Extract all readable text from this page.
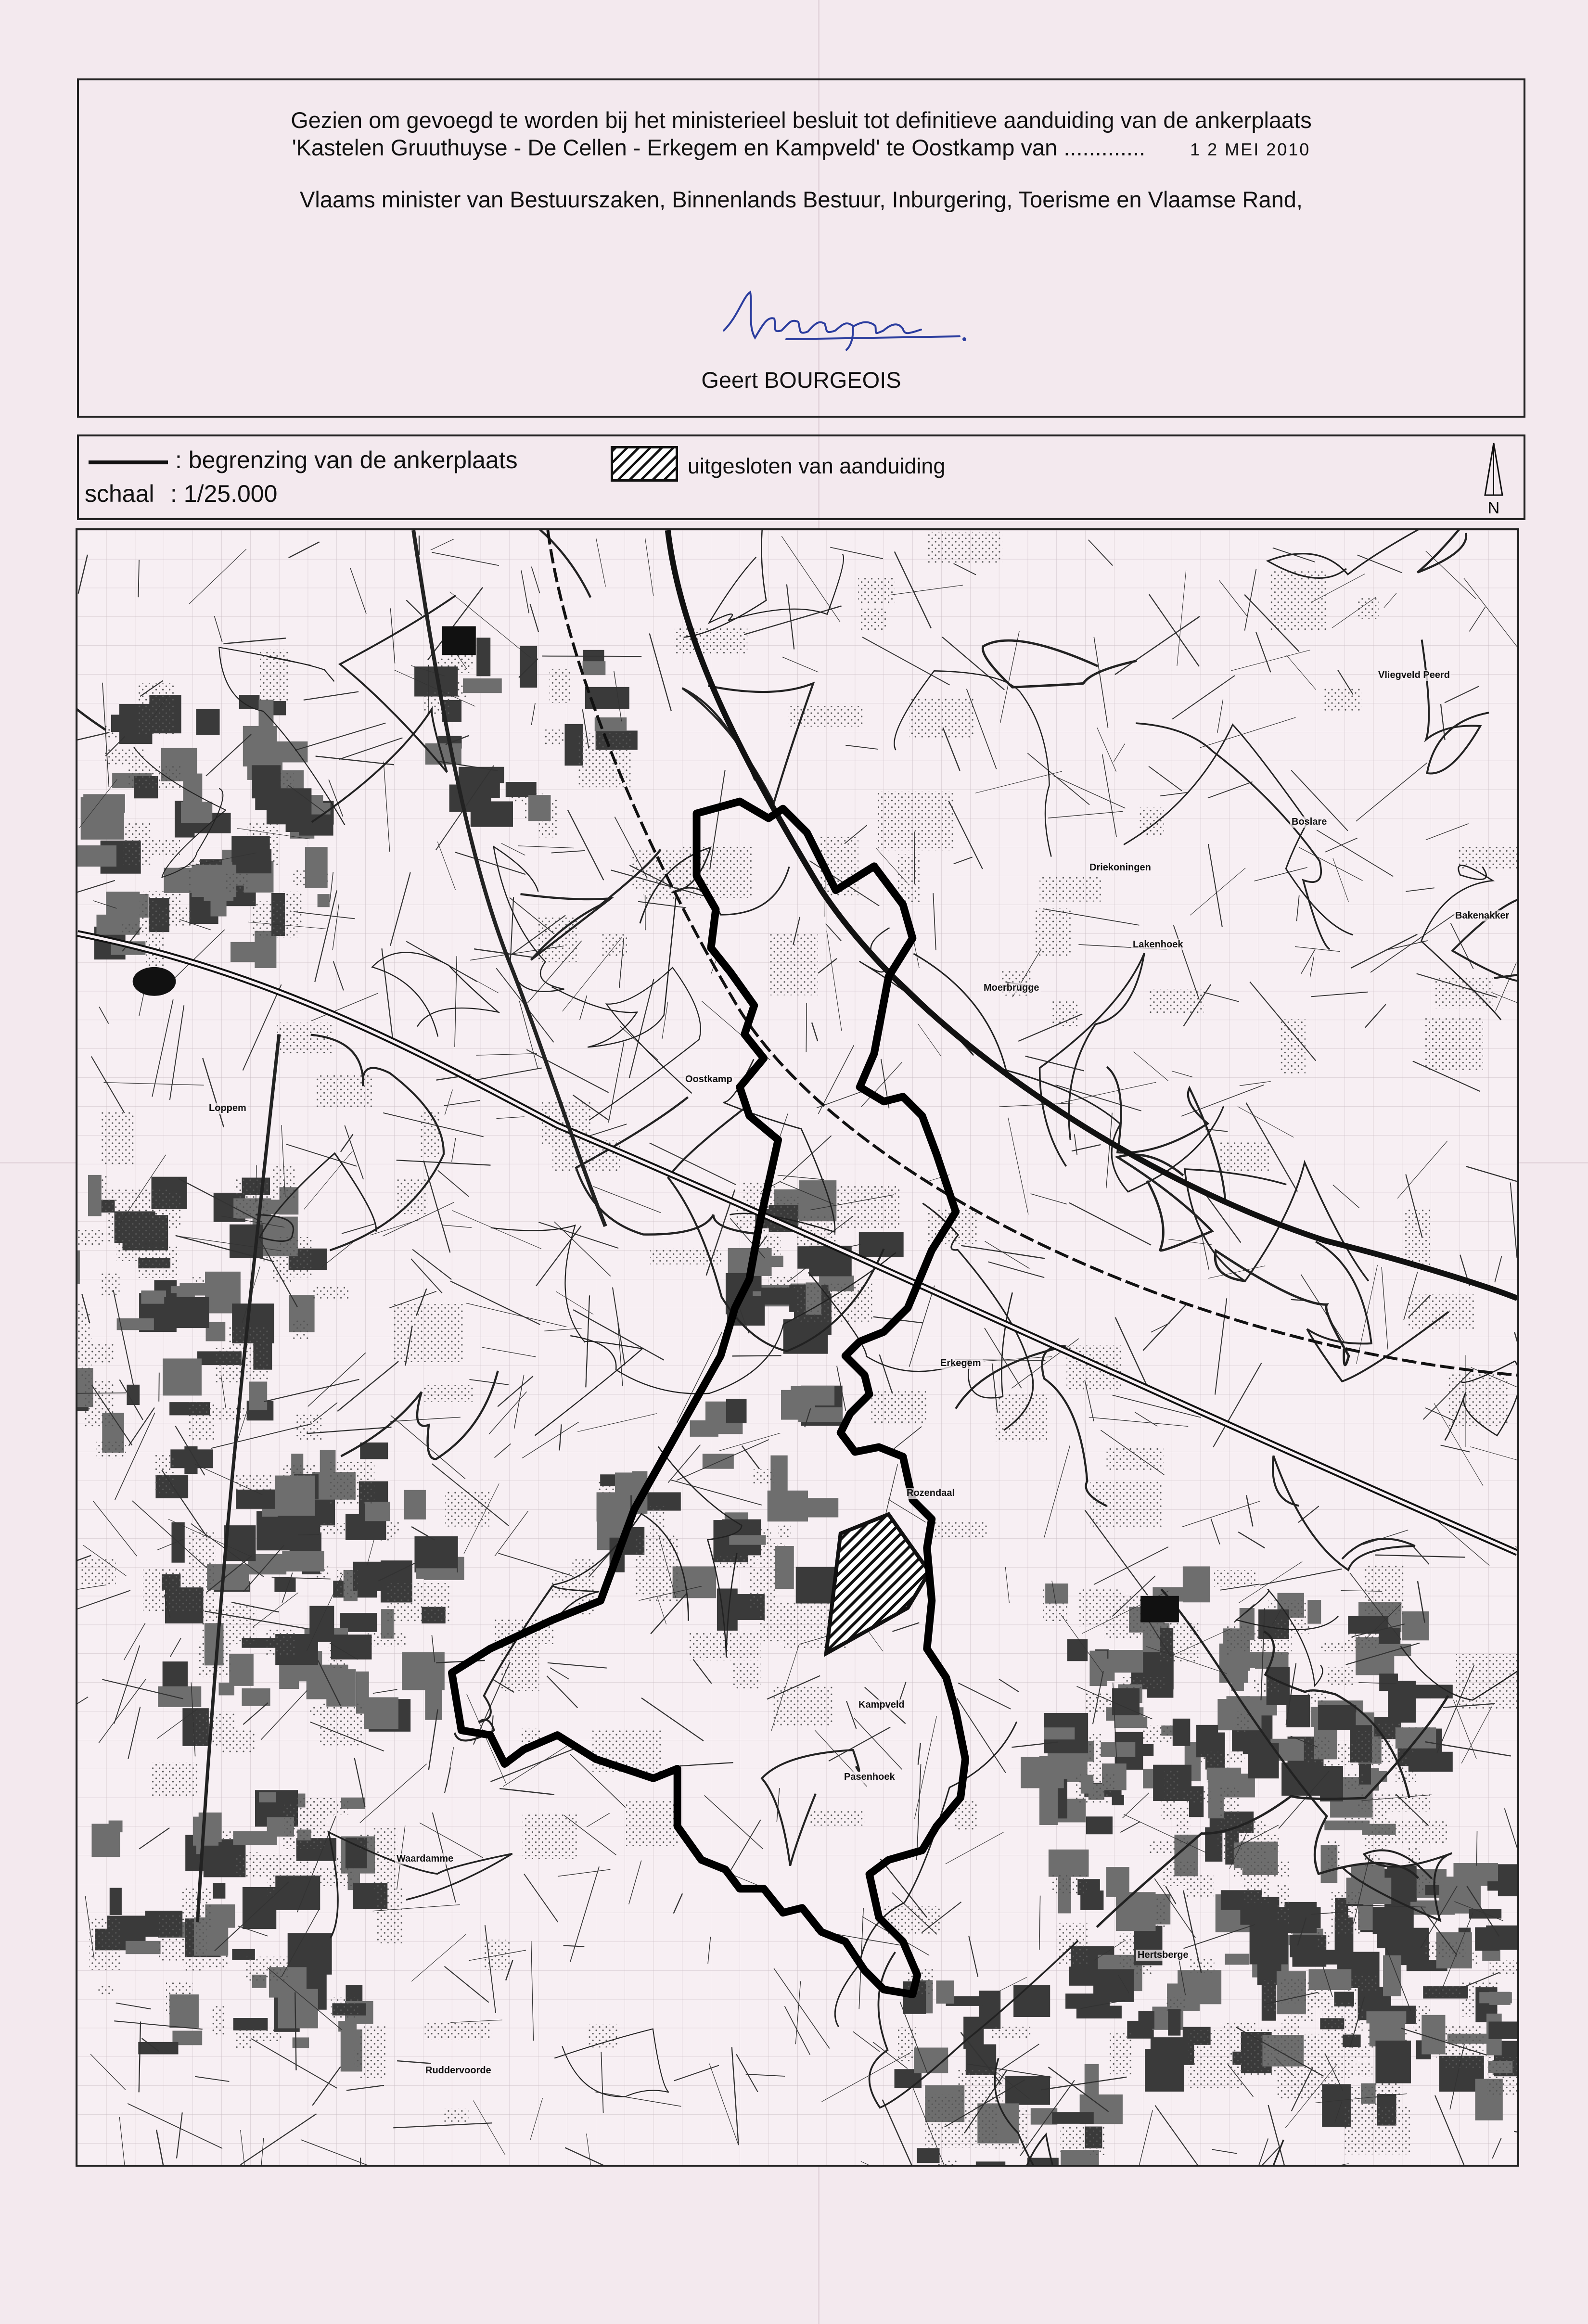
Gezien om gevoegd te worden bij het ministerieel besluit tot definitieve aanduiding van de ankerplaats
'Kastelen Gruuthuyse - De Cellen - Erkegem en Kampveld' te Oostkamp van .............	1 2 MEI 2010
Vlaams minister van Bestuurszaken, Binnenlands Bestuur, Inburgering, Toerisme en Vlaamse Rand,
Geert BOURGEOIS
: begrenzing van de ankerplaats
schaal : 1/25.000
uitgesloten van aanduiding
N
Oostkamp
Erkegem
Moerbrugge
Hertsberge
Waardamme
Ruddervoorde
Loppem
Vliegveld Peerd
Lakenhoek
Kampveld
Rozendaal
Pasenhoek
Bakenakker
Boslare
Driekoningen
